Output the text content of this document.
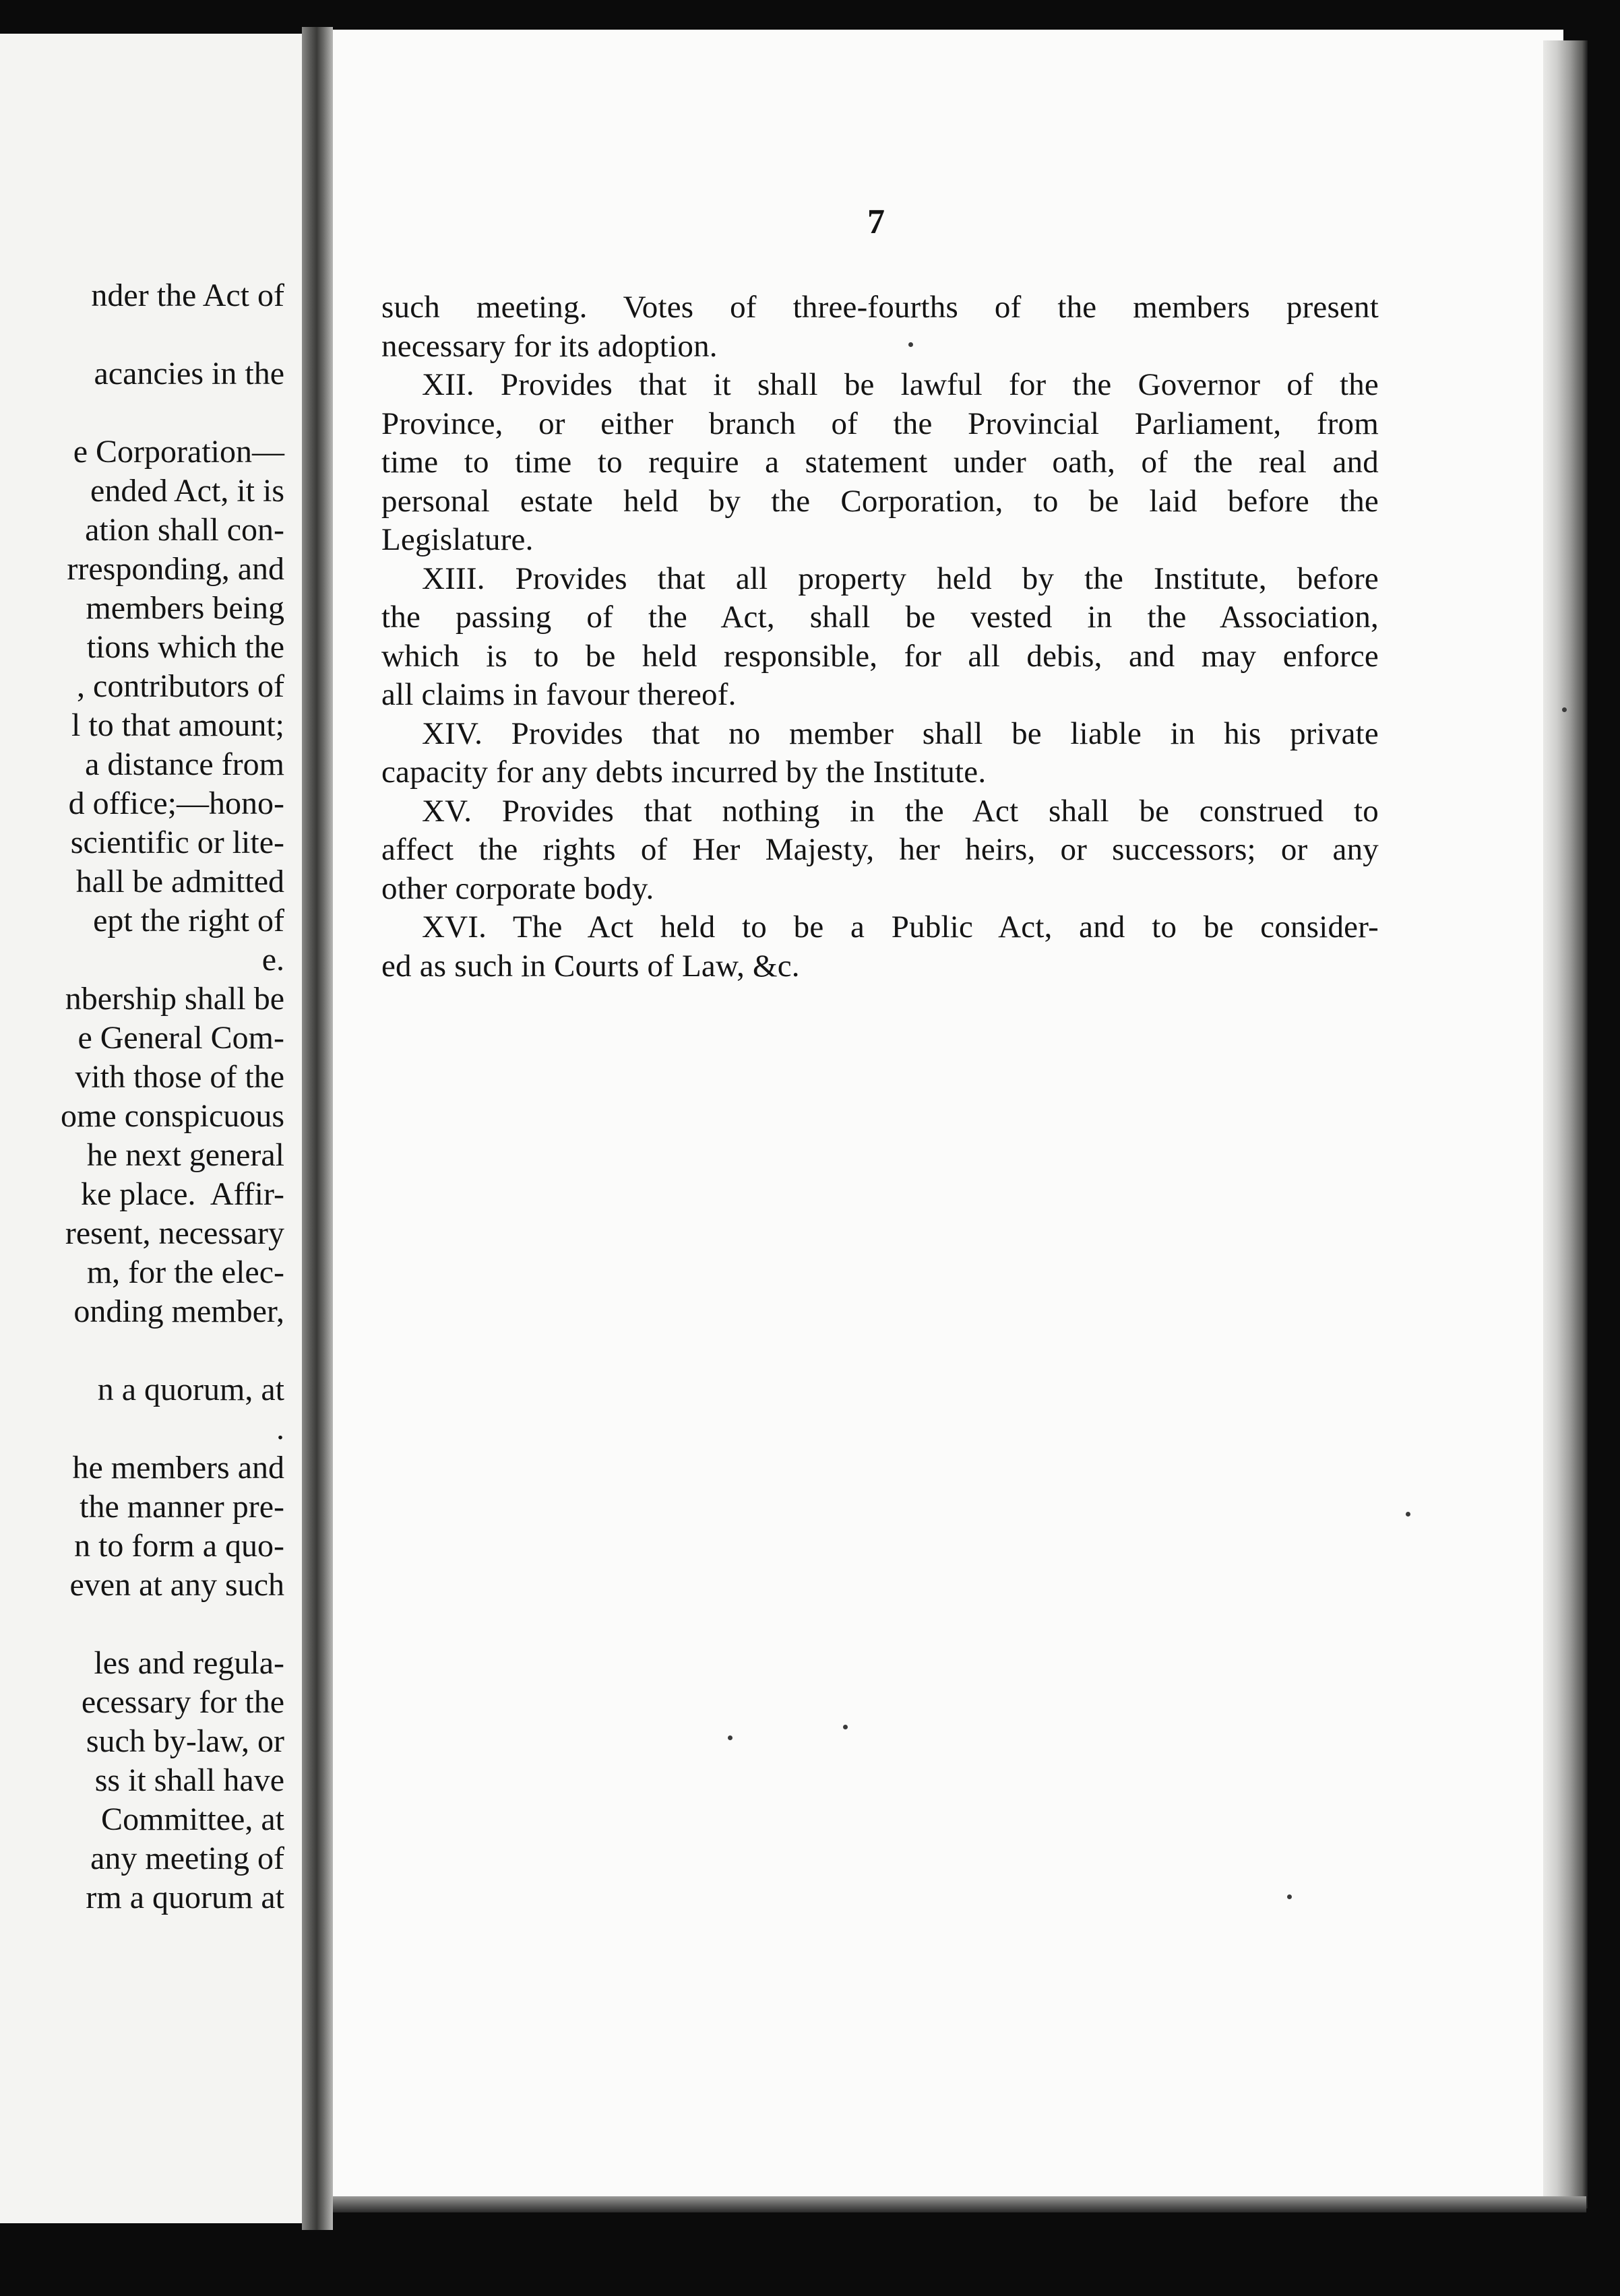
nder the Act of
acancies in the
e Corporation—
ended Act, it is
ation shall con-
rresponding, and
members being
tions which the
, contributors of
l to that amount;
a distance from
d office;—hono-
scientific or lite-
hall be admitted
ept the right of
e.
nbership shall be
e General Com-
vith those of the
ome conspicuous
he next general
ke place.  Affir-
resent, necessary
m, for the elec-
onding member,
n a quorum, at
.
he members and
the manner pre-
n to form a quo-
even at any such
les and regula-
ecessary for the
such by-law, or
ss it shall have
Committee, at
any meeting of
rm a quorum at
7
such meeting. Votes of three-fourths of the members present
necessary for its adoption.
XII. Provides that it shall be lawful for the Governor of the
Province, or either branch of the Provincial Parliament, from
time to time to require a statement under oath, of the real and
personal estate held by the Corporation, to be laid before the
Legislature.
XIII. Provides that all property held by the Institute, before
the passing of the Act, shall be vested in the Association,
which is to be held responsible, for all debis, and may enforce
all claims in favour thereof.
XIV. Provides that no member shall be liable in his private
capacity for any debts incurred by the Institute.
XV. Provides that nothing in the Act shall be construed to
affect the rights of Her Majesty, her heirs, or successors; or any
other corporate body.
XVI. The Act held to be a Public Act, and to be consider-
ed as such in Courts of Law, &c.
